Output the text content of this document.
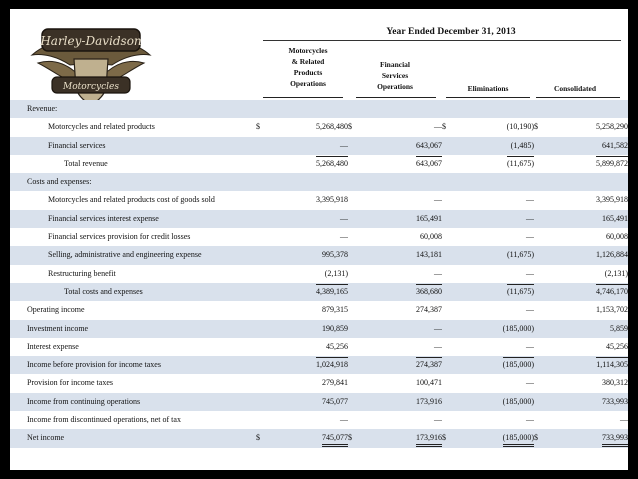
Harley-Davidson
Motorcycles
Year Ended December 31, 2013
Motorcycles
& Related
Products
Operations
Financial
Services
Operations	Eliminations	Consolidated
Revenue:								
Motorcycles and related products	$	5,268,480	$	—	$	(10,190)	$	5,258,290
Financial services		—		643,067		(1,485)		641,582
Total revenue		5,268,480		643,067		(11,675)		5,899,872
Costs and expenses:								
Motorcycles and related products cost of goods sold		3,395,918		—		—		3,395,918
Financial services interest expense		—		165,491		—		165,491
Financial services provision for credit losses		—		60,008		—		60,008
Selling, administrative and engineering expense		995,378		143,181		(11,675)		1,126,884
Restructuring benefit		(2,131)		—		—		(2,131)
Total costs and expenses		4,389,165		368,680		(11,675)		4,746,170
Operating income		879,315		274,387		—		1,153,702
Investment income		190,859		—		(185,000)		5,859
Interest expense		45,256		—		—		45,256
Income before provision for income taxes		1,024,918		274,387		(185,000)		1,114,305
Provision for income taxes		279,841		100,471		—		380,312
Income from continuing operations		745,077		173,916		(185,000)		733,993
Income from discontinued operations, net of tax		—		—		—		—
Net income	$	745,077	$	173,916	$	(185,000)	$	733,993
